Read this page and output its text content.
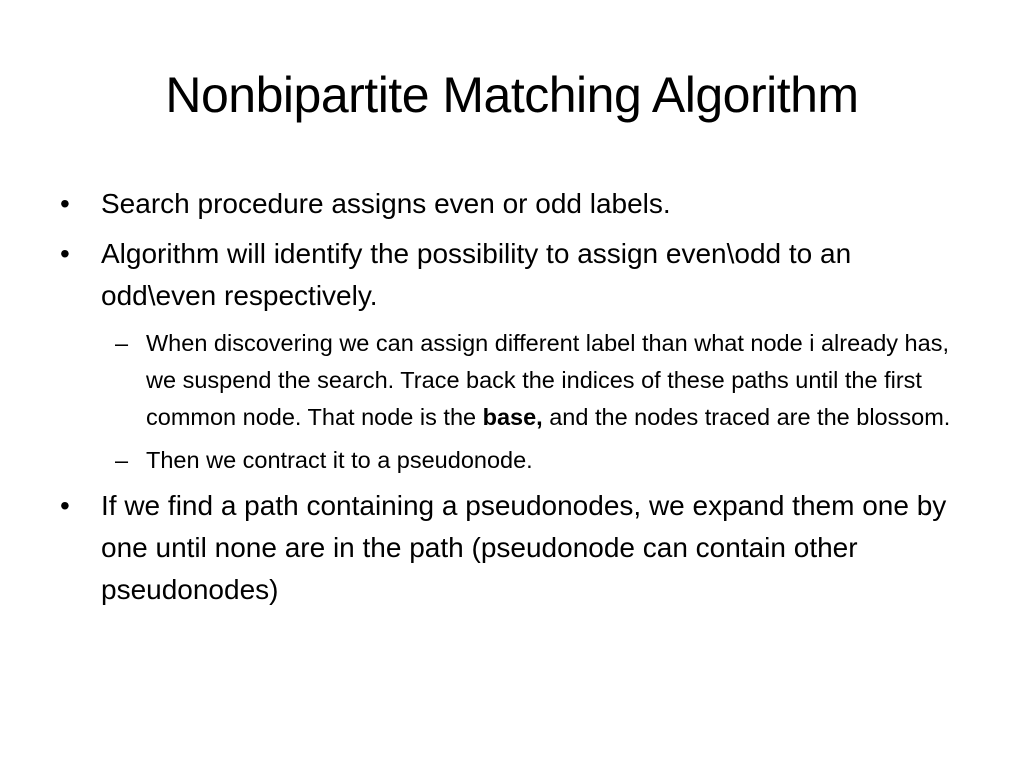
Nonbipartite Matching Algorithm
•	Search procedure assigns even or odd labels.
•	Algorithm will identify the possibility to assign even\odd to an odd\even respectively.
– When discovering we can assign different label than what node i already has, we suspend the search. Trace back the indices of these paths until the first common node. That node is the base, and the nodes traced are the blossom.
– Then we contract it to a pseudonode.
•	If we find a path containing a pseudonodes, we expand them one by one until none are in the path (pseudonode can contain other pseudonodes)
